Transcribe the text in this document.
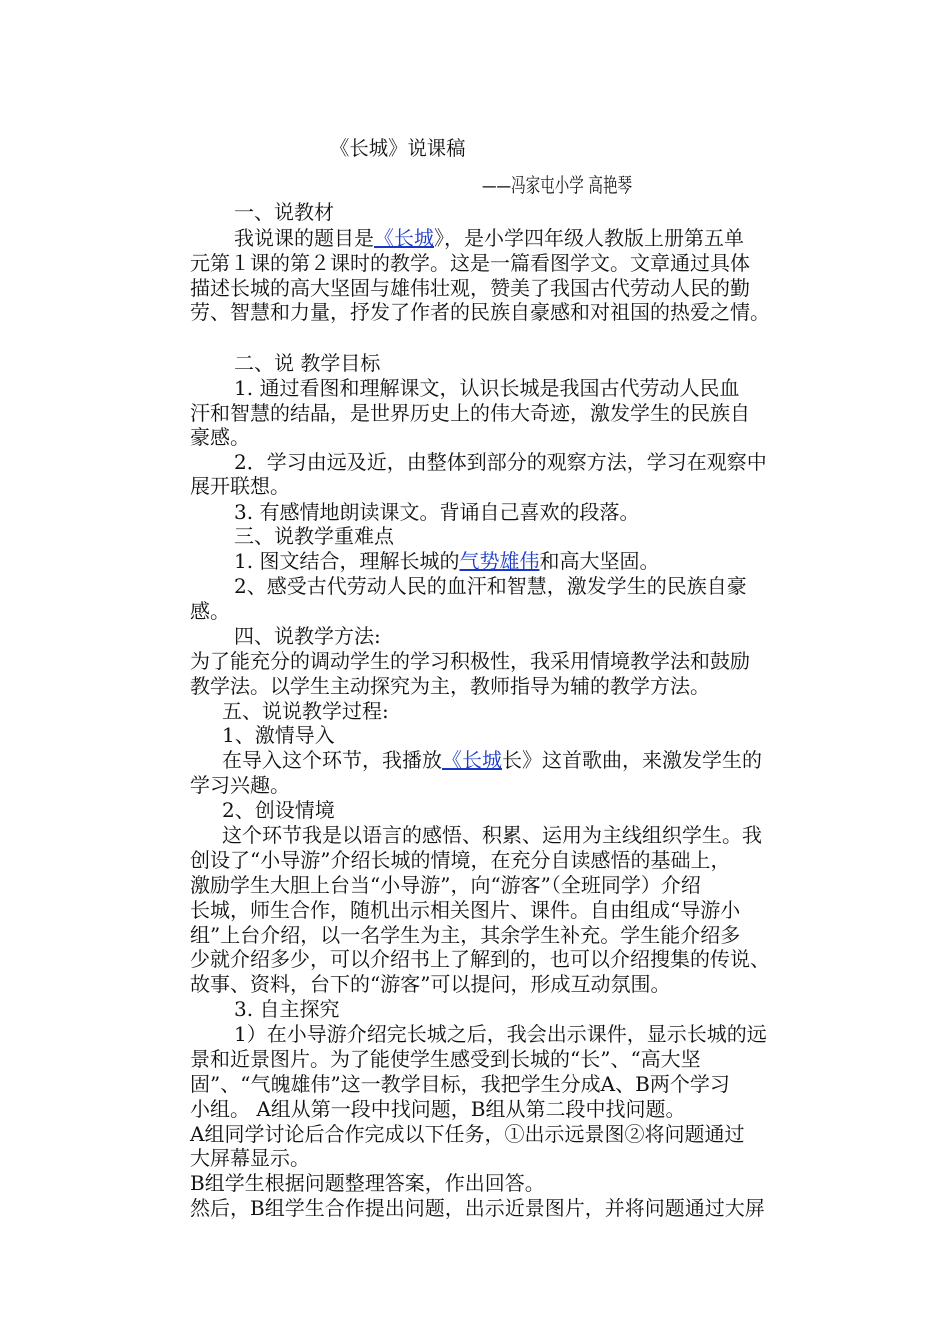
《长城》说课稿
——冯家屯小学 高艳琴
一、说教材
我说课的题目是《长城》，是小学四年级人教版上册第五单
元第１课的第２课时的教学。这是一篇看图学文。文章通过具体
描述长城的高大坚固与雄伟壮观，赞美了我国古代劳动人民的勤
劳、智慧和力量，抒发了作者的民族自豪感和对祖国的热爱之情。
二、说 教学目标
1. 通过看图和理解课文，认识长城是我国古代劳动人民血
汗和智慧的结晶，是世界历史上的伟大奇迹，激发学生的民族自
豪感。
2．学习由远及近，由整体到部分的观察方法，学习在观察中
展开联想。
3. 有感情地朗读课文。背诵自己喜欢的段落。
三、说教学重难点
1. 图文结合，理解长城的气势雄伟和高大坚固。
2、感受古代劳动人民的血汗和智慧，激发学生的民族自豪
感。
四、说教学方法:
为了能充分的调动学生的学习积极性，我采用情境教学法和鼓励
教学法。以学生主动探究为主，教师指导为辅的教学方法。
五、说说教学过程:
1、激情导入
在导入这个环节，我播放《长城长》这首歌曲，来激发学生的
学习兴趣。
2、创设情境
这个环节我是以语言的感悟、积累、运用为主线组织学生。我
创设了“小导游”介绍长城的情境，在充分自读感悟的基础上，
激励学生大胆上台当“小导游”，向“游客”（全班同学）介绍
长城，师生合作，随机出示相关图片、课件。自由组成“导游小
组”上台介绍，以一名学生为主，其余学生补充。学生能介绍多
少就介绍多少，可以介绍书上了解到的，也可以介绍搜集的传说、
故事、资料，台下的“游客”可以提问，形成互动氛围。
3. 自主探究
1）在小导游介绍完长城之后，我会出示课件，显示长城的远
景和近景图片。为了能使学生感受到长城的“长”、“高大坚
固”、“气魄雄伟”这一教学目标，我把学生分成A、B两个学习
小组。 A组从第一段中找问题，B组从第二段中找问题。
A组同学讨论后合作完成以下任务，①出示远景图②将问题通过
大屏幕显示。
B组学生根据问题整理答案，作出回答。
然后，B组学生合作提出问题，出示近景图片，并将问题通过大屏
